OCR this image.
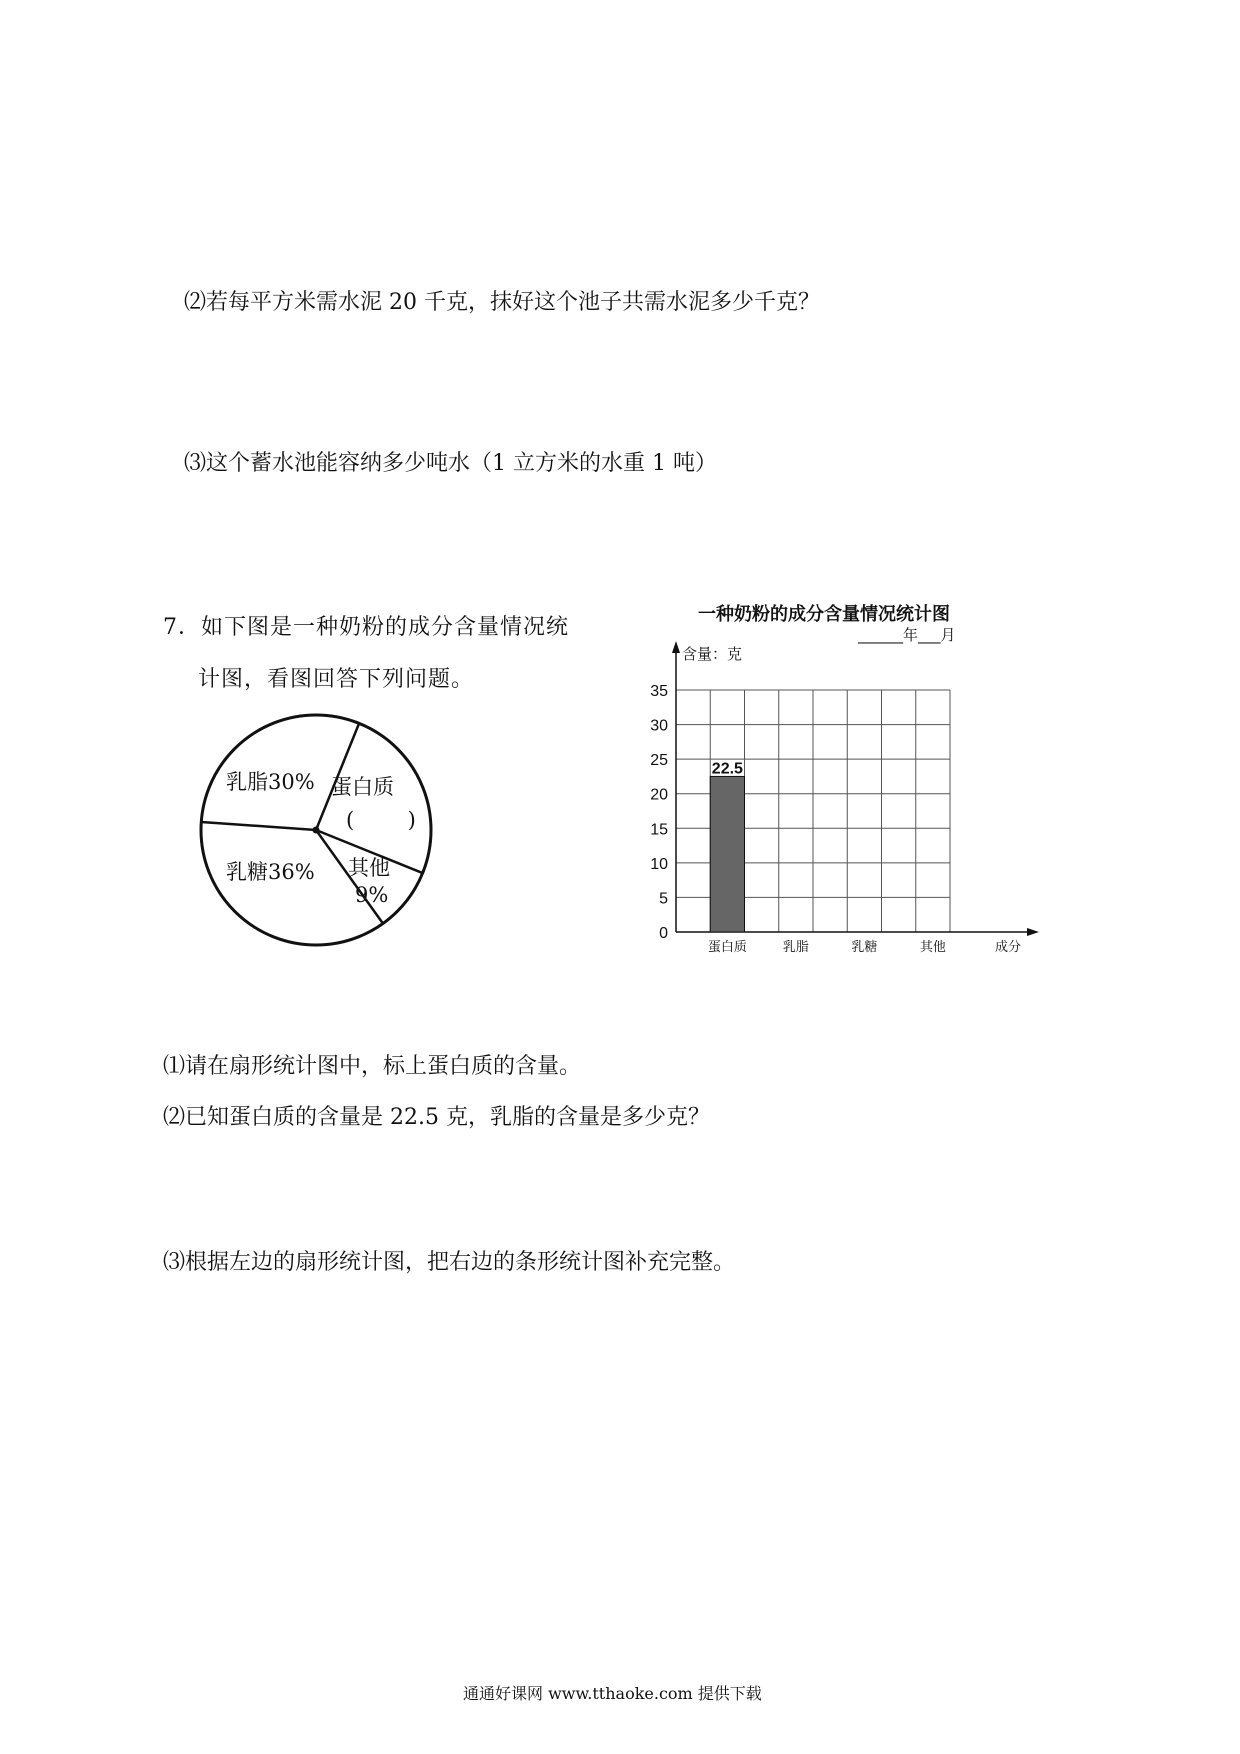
⑵若每平方米需水泥 20 千克，抹好这个池子共需水泥多少千克？
⑶这个蓄水池能容纳多少吨水（1 立方米的水重 1 吨）
7．如下图是一种奶粉的成分含量情况统
计图，看图回答下列问题。
乳脂30% 蛋白质
(        )
其他
9%
乳糖36%
一种奶粉的成分含量情况统计图
______年___月
含量：克
0
5
10
15
20
25
30
35
22.5
蛋白质	乳脂	乳糖	其他	成分
⑴请在扇形统计图中，标上蛋白质的含量。
⑵已知蛋白质的含量是 22.5 克，乳脂的含量是多少克？
⑶根据左边的扇形统计图，把右边的条形统计图补充完整。
通通好课网 www.tthaoke.com 提供下载
